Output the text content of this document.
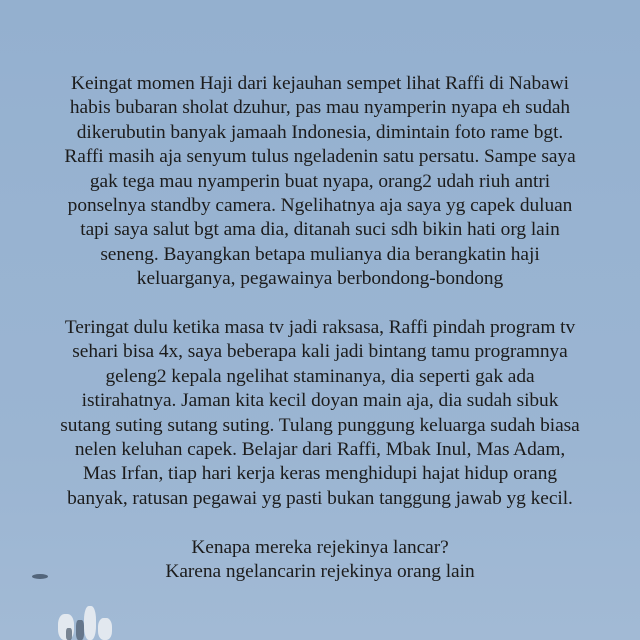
Keingat momen Haji dari kejauhan sempet lihat Raffi di Nabawi
habis bubaran sholat dzuhur, pas mau nyamperin nyapa eh sudah
dikerubutin banyak jamaah Indonesia, dimintain foto rame bgt.
Raffi masih aja senyum tulus ngeladenin satu persatu. Sampe saya
gak tega mau nyamperin buat nyapa, orang2 udah riuh antri
ponselnya standby camera. Ngelihatnya aja saya yg capek duluan
tapi saya salut bgt ama dia, ditanah suci sdh bikin hati org lain
seneng. Bayangkan betapa mulianya dia berangkatin haji
keluarganya, pegawainya berbondong-bondong

Teringat dulu ketika masa tv jadi raksasa, Raffi pindah program tv
sehari bisa 4x, saya beberapa kali jadi bintang tamu programnya
geleng2 kepala ngelihat staminanya, dia seperti gak ada
istirahatnya. Jaman kita kecil doyan main aja, dia sudah sibuk
sutang suting sutang suting. Tulang punggung keluarga sudah biasa
nelen keluhan capek. Belajar dari Raffi, Mbak Inul, Mas Adam,
Mas Irfan, tiap hari kerja keras menghidupi hajat hidup orang
banyak, ratusan pegawai yg pasti bukan tanggung jawab yg kecil.

Kenapa mereka rejekinya lancar?
Karena ngelancarin rejekinya orang lain
